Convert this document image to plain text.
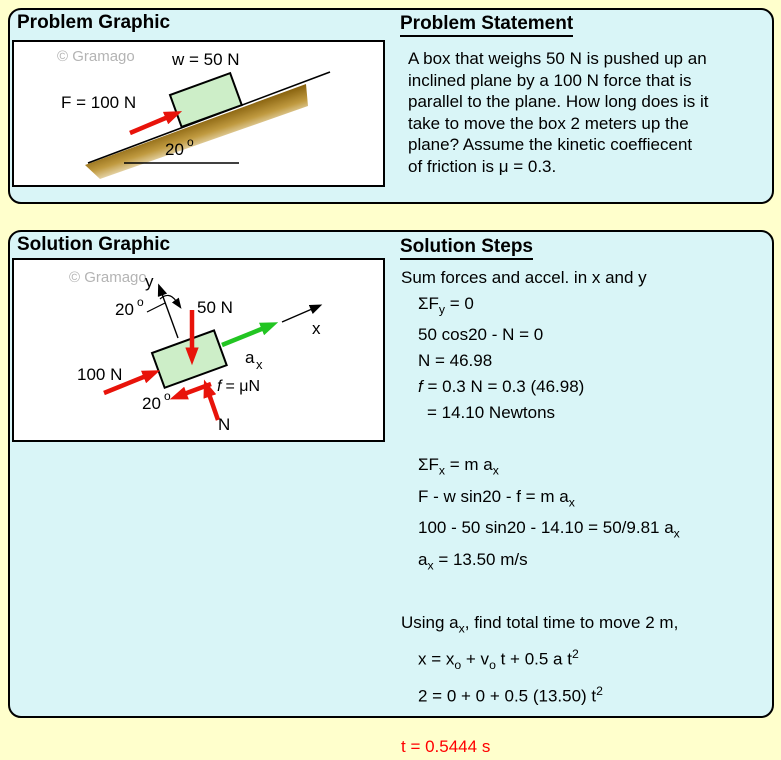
Problem Graphic
© Gramago w = 50 N
F = 100 N
20 o
Problem Statement
A box that weighs 50 N is pushed up an
inclined plane by a 100 N force that is
parallel to the plane. How long does is it
take to move the box 2 meters up the
plane? Assume the kinetic coeffiecent
of friction is μ = 0.3.
Solution Graphic
© Gramago
y
x
20 o	50 N
100 N
a x
f = μN
N
20 o
Solution Steps
Sum forces and accel. in x and y
$\Sigma F_y = 0$
50 cos20 - N = 0
N = 46.98
f = 0.3 N = 0.3 (46.98)
= 14.10 Newtons
$\Sigma F_x = m$ $a_x$
F - w sin20 - f = m $a_x$
100 - 50 sin20 - 14.10 = 50/9.81 $a_x$
$a_x = 13.50$ m/s
Using $a_x$, find total time to move 2 m,
$x = x_o + v_o$ t + 0.5 a $t^2$
2 = 0 + 0 + 0.5 (13.50) $t^2$
t = 0.5444 s
